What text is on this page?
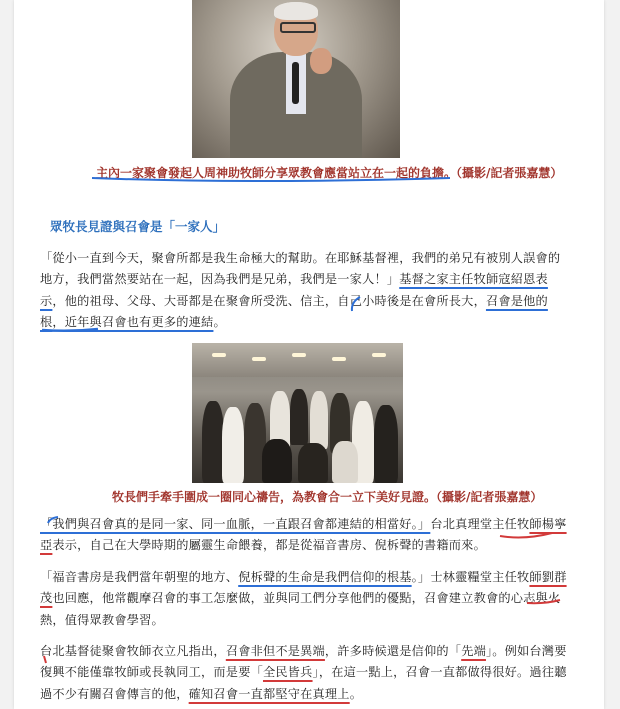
主內一家聚會發起人周神助牧師分享眾教會應當站立在一起的負擔。（攝影/記者張嘉慧）
眾牧長見證與召會是「一家人」

「從小一直到今天，聚會所都是我生命極大的幫助。在耶穌基督裡，我們的弟兄有被別人誤會的地方，我們當然要站在一起，因為我們是兄弟，我們是一家人！」基督之家主任牧師寇紹恩表示，他的祖母、父母、大哥都是在聚會所受洗、信主，自己小時後是在會所長大，召會是他的根，近年與召會也有更多的連結。

牧長們手牽手圍成一圈同心禱告，為教會合一立下美好見證。（攝影/記者張嘉慧）

「我們與召會真的是同一家、同一血脈，一直跟召會都連結的相當好。」台北真理堂主任牧師楊寧亞表示，自己在大學時期的屬靈生命餵養，都是從福音書房、倪柝聲的書籍而來。

「福音書房是我們當年朝聖的地方、倪柝聲的生命是我們信仰的根基。」士林靈糧堂主任牧師劉群茂也回應，他常觀摩召會的事工怎麼做，並與同工們分享他們的優點，召會建立教會的心志與火熱，值得眾教會學習。

台北基督徒聚會牧師衣立凡指出，召會非但不是異端，許多時候還是信仰的「先端」。例如台灣要復興不能僅靠牧師或長執同工，而是要「全民皆兵」，在這一點上，召會一直都做得很好。過往聽過不少有關召會傳言的他，確知召會一直都堅守在真理上。
